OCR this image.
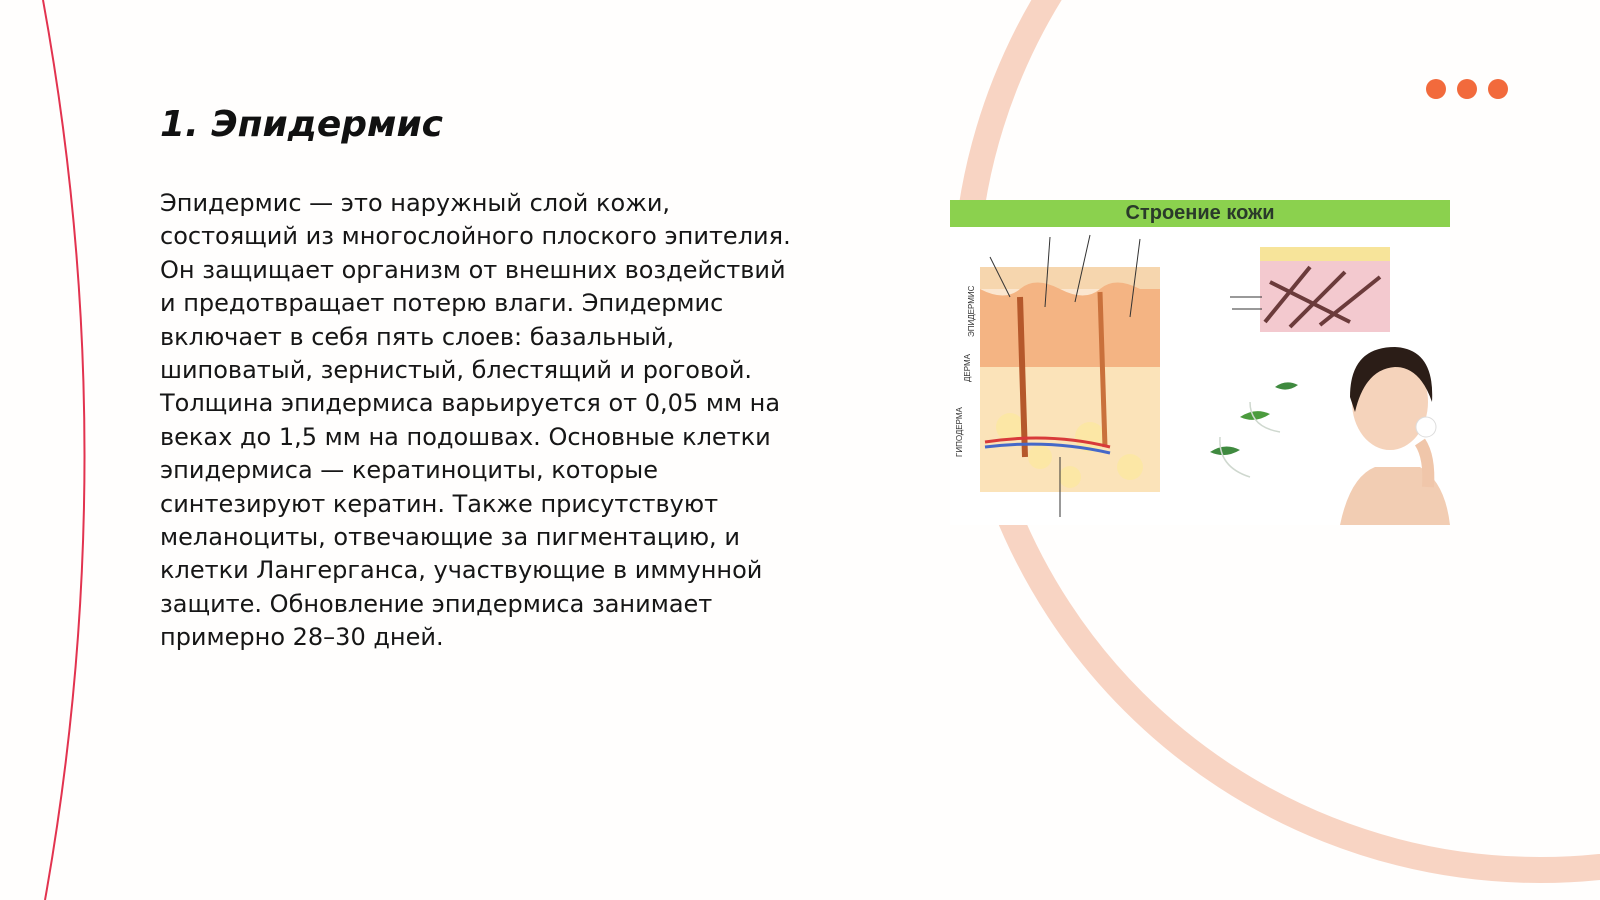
1. Эпидермис

Эпидермис — это наружный слой кожи,
состоящий из многослойного плоского эпителия.
Он защищает организм от внешних воздействий
и предотвращает потерю влаги. Эпидермис
включает в себя пять слоев: базальный,
шиповатый, зернистый, блестящий и роговой.
Толщина эпидермиса варьируется от 0,05 мм на
веках до 1,5 мм на подошвах. Основные клетки
эпидермиса — кератиноциты, которые
синтезируют кератин. Также присутствуют
меланоциты, отвечающие за пигментацию, и
клетки Лангерганса, участвующие в иммунной
защите. Обновление эпидермиса занимает
примерно 28–30 дней.

Строение кожи
ЭПИДЕРМИС
ДЕРМА
ГИПОДЕРМА
